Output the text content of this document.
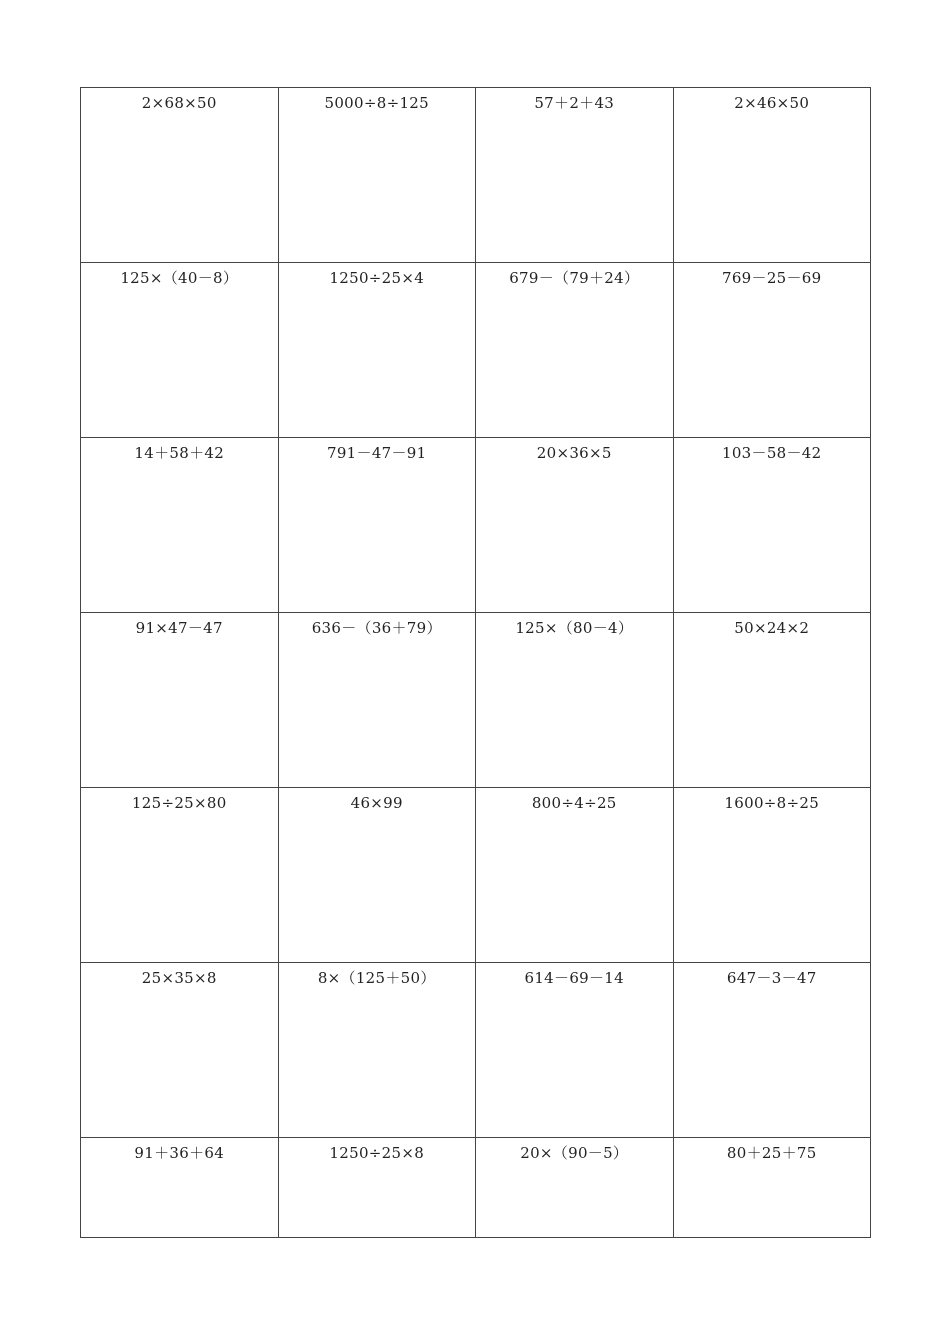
2×68×50	5000÷8÷125	57＋2＋43	2×46×50
125×（40－8）	1250÷25×4	679－（79＋24）	769－25－69
14＋58＋42	791－47－91	20×36×5	103－58－42
91×47－47	636－（36＋79）	125×（80－4）	50×24×2
125÷25×80	46×99	800÷4÷25	1600÷8÷25
25×35×8	8×（125＋50）	614－69－14	647－3－47
91＋36＋64	1250÷25×8	20×（90－5）	80＋25＋75
